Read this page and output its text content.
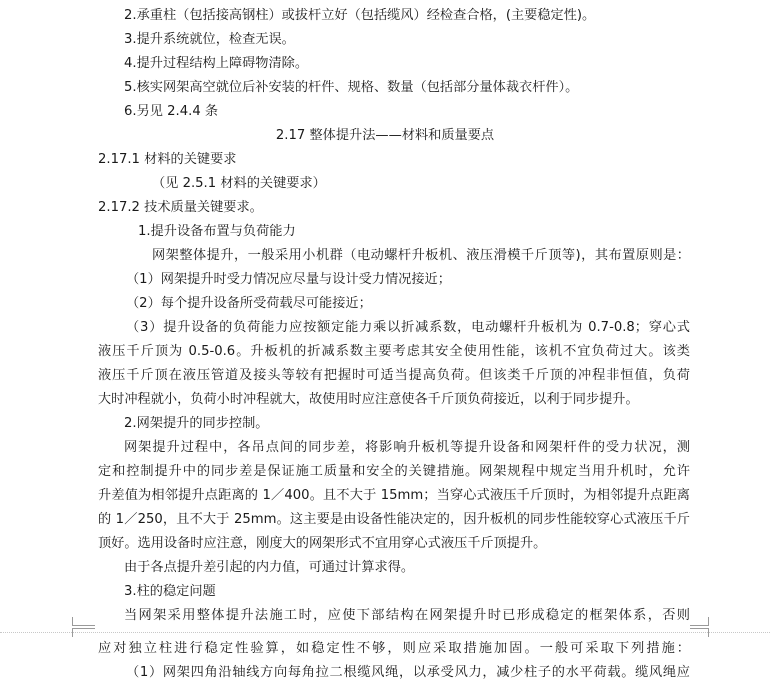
2.承重柱（包括接高钢柱）或拔杆立好（包括缆风）经检查合格，(主要稳定性)。
3.提升系统就位，检查无误。
4.提升过程结构上障碍物清除。
5.核实网架高空就位后补安装的杆件、规格、数量（包括部分量体裁衣杆件）。
6.另见 2.4.4 条
2.17 整体提升法——材料和质量要点
2.17.1 材料的关键要求
（见 2.5.1 材料的关键要求）
2.17.2 技术质量关键要求。
1.提升设备布置与负荷能力
网架整体提升，一般采用小机群（电动螺杆升板机、液压滑模千斤顶等)，其布置原则是：
（1）网架提升时受力情况应尽量与设计受力情况接近；
（2）每个提升设备所受荷载尽可能接近；
（3）提升设备的负荷能力应按额定能力乘以折减系数，电动螺杆升板机为 0.7-0.8；穿心式
液压千斤顶为 0.5-0.6。升板机的折减系数主要考虑其安全使用性能，该机不宜负荷过大。该类
液压千斤顶在液压管道及接头等较有把握时可适当提高负荷。但该类千斤顶的冲程非恒值，负荷
大时冲程就小，负荷小时冲程就大，故使用时应注意使各千斤顶负荷接近，以利于同步提升。
2.网架提升的同步控制。
网架提升过程中，各吊点间的同步差，将影响升板机等提升设备和网架杆件的受力状况，测
定和控制提升中的同步差是保证施工质量和安全的关键措施。网架规程中规定当用升机时，允许
升差值为相邻提升点距离的 1／400。且不大于 15mm；当穿心式液压千斤顶时，为相邻提升点距离
的 1／250，且不大于 25mm。这主要是由设备性能决定的，因升板机的同步性能较穿心式液压千斤
顶好。选用设备时应注意，刚度大的网架形式不宜用穿心式液压千斤顶提升。
由于各点提升差引起的内力值，可通过计算求得。
3.柱的稳定问题
当网架采用整体提升法施工时，应使下部结构在网架提升时已形成稳定的框架体系，否则
应对独立柱进行稳定性验算，如稳定性不够，则应采取措施加固。一般可采取下列措施：
（1）网架四角沿轴线方向每角拉二根缆风绳，以承受风力，减少柱子的水平荷载。缆风绳应
